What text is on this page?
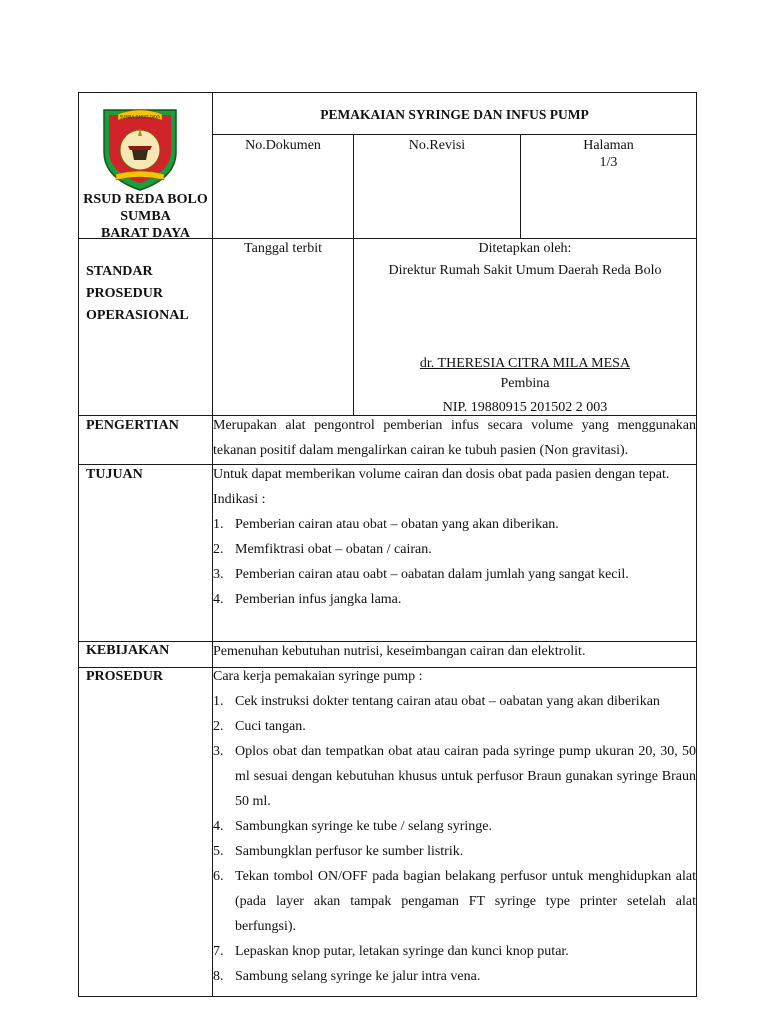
SUMBA BARAT DAYA
RSUD REDA BOLO
SUMBA
BARAT DAYA
PEMAKAIAN SYRINGE DAN INFUS PUMP
No.Dokumen	No.Revisi	Halaman
1/3
STANDAR
PROSEDUR
OPERASIONAL
Tanggal terbit	Ditetapkan oleh:
Direktur Rumah Sakit Umum Daerah Reda Bolo
dr. THERESIA CITRA MILA MESA
Pembina
NIP. 19880915 201502 2 003
PENGERTIAN Merupakan alat pengontrol pemberian infus secara volume yang menggunakan tekanan positif dalam mengalirkan cairan ke tubuh pasien (Non gravitasi).
TUJUAN	Untuk dapat memberikan volume cairan dan dosis obat pada pasien dengan tepat.
Indikasi :
1. Pemberian cairan atau obat – obatan yang akan diberikan.
2. Memfiktrasi obat – obatan / cairan.
3. Pemberian cairan atau oabt – oabatan dalam jumlah yang sangat kecil.
4. Pemberian infus jangka lama.
KEBIJAKAN	Pemenuhan kebutuhan nutrisi, keseimbangan cairan dan elektrolit.
PROSEDUR	Cara kerja pemakaian syringe pump :
1. Cek instruksi dokter tentang cairan atau obat – oabatan yang akan diberikan
2. Cuci tangan.
3. Oplos obat dan tempatkan obat atau cairan pada syringe pump ukuran 20, 30, 50 ml sesuai dengan kebutuhan khusus untuk perfusor Braun gunakan syringe Braun 50 ml.
4. Sambungkan syringe ke tube / selang syringe.
5. Sambungklan perfusor ke sumber listrik.
6. Tekan tombol ON/OFF pada bagian belakang perfusor untuk menghidupkan alat (pada layer akan tampak pengaman FT syringe type printer setelah alat berfungsi).
7. Lepaskan knop putar, letakan syringe dan kunci knop putar.
8. Sambung selang syringe ke jalur intra vena.
